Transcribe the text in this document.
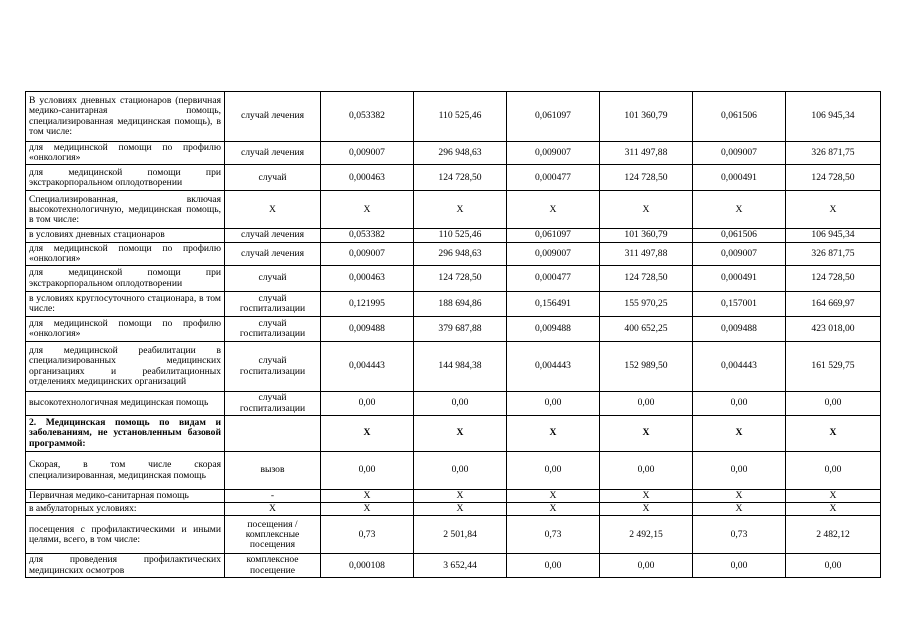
В условиях дневных стационаров (первичная медико-санитарная помощь, специализированная медицинская помощь), в том числе:	случай лечения	0,053382	110 525,46	0,061097	101 360,79	0,061506	106 945,34
для медицинской помощи по профилю «онкология»	случай лечения	0,009007	296 948,63	0,009007	311 497,88	0,009007	326 871,75
для медицинской помощи при экстракорпоральном оплодотворении	случай	0,000463	124 728,50	0,000477	124 728,50	0,000491	124 728,50
Специализированная, включая высокотехнологичную, медицинская помощь, в том числе:	Х	Х	Х	Х	Х	Х	Х
в условиях дневных стационаров	случай лечения	0,053382	110 525,46	0,061097	101 360,79	0,061506	106 945,34
для медицинской помощи по профилю «онкология»	случай лечения	0,009007	296 948,63	0,009007	311 497,88	0,009007	326 871,75
для медицинской помощи при экстракорпоральном оплодотворении	случай	0,000463	124 728,50	0,000477	124 728,50	0,000491	124 728,50
в условиях круглосуточного стационара, в том числе:	случай госпитализации	0,121995	188 694,86	0,156491	155 970,25	0,157001	164 669,97
для медицинской помощи по профилю «онкология»	случай госпитализации	0,009488	379 687,88	0,009488	400 652,25	0,009488	423 018,00
для медицинской реабилитации в специализированных медицинских организациях и реабилитационных отделениях медицинских организаций	случай госпитализации	0,004443	144 984,38	0,004443	152 989,50	0,004443	161 529,75
высокотехнологичная медицинская помощь	случай госпитализации	0,00	0,00	0,00	0,00	0,00	0,00
2. Медицинская помощь по видам и заболеваниям, не установленным базовой программой:		Х	Х	Х	Х	Х	Х
Скорая, в том числе скорая специализированная, медицинская помощь	вызов	0,00	0,00	0,00	0,00	0,00	0,00
Первичная медико-санитарная помощь	-	Х	Х	Х	Х	Х	Х
в амбулаторных условиях:	Х	Х	Х	Х	Х	Х	Х
посещения с профилактическими и иными целями, всего, в том числе:	посещения / комплексные посещения	0,73	2 501,84	0,73	2 492,15	0,73	2 482,12
для проведения профилактических медицинских осмотров	комплексное посещение	0,000108	3 652,44	0,00	0,00	0,00	0,00
